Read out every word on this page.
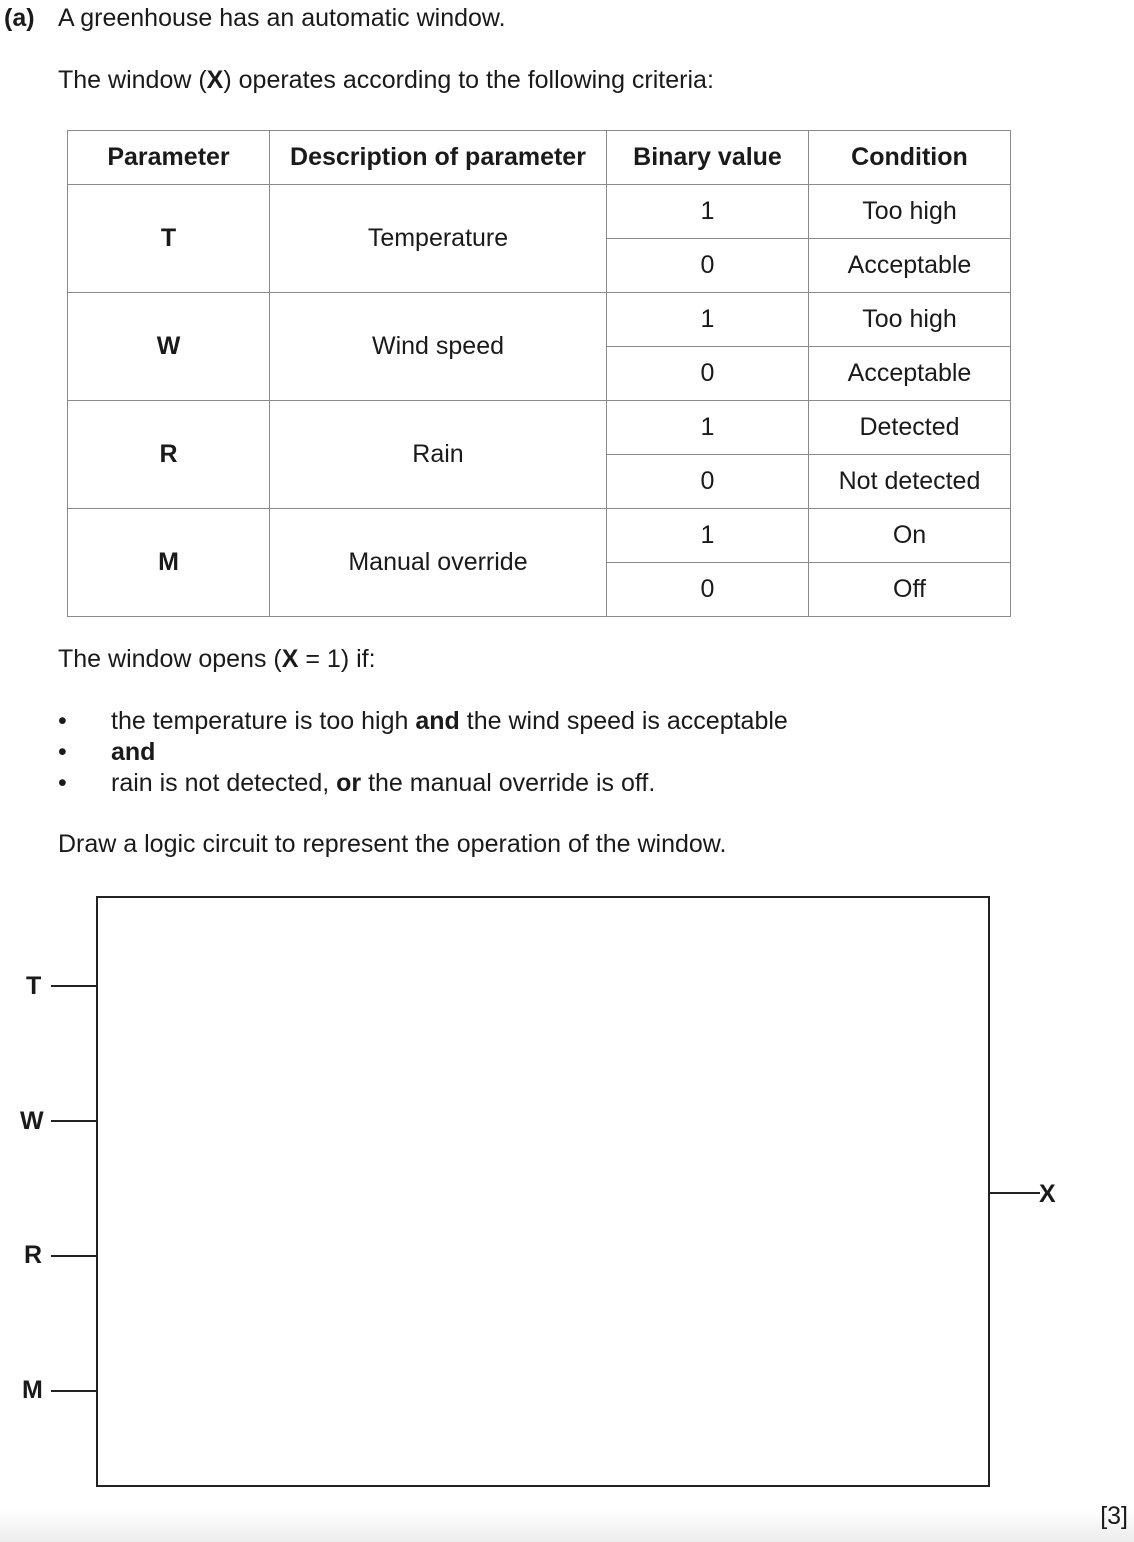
(a) A greenhouse has an automatic window.
The window (X) operates according to the following criteria:
Parameter	Description of parameter	Binary value	Condition
T	Temperature	1	Too high
		0	Acceptable
W	Wind speed	1	Too high
		0	Acceptable
R	Rain	1	Detected
		0	Not detected
M	Manual override	1	On
		0	Off
The window opens (X = 1) if:
• the temperature is too high and the wind speed is acceptable
• and
• rain is not detected, or the manual override is off.
Draw a logic circuit to represent the operation of the window.
T
W
R
M
X
[3]
